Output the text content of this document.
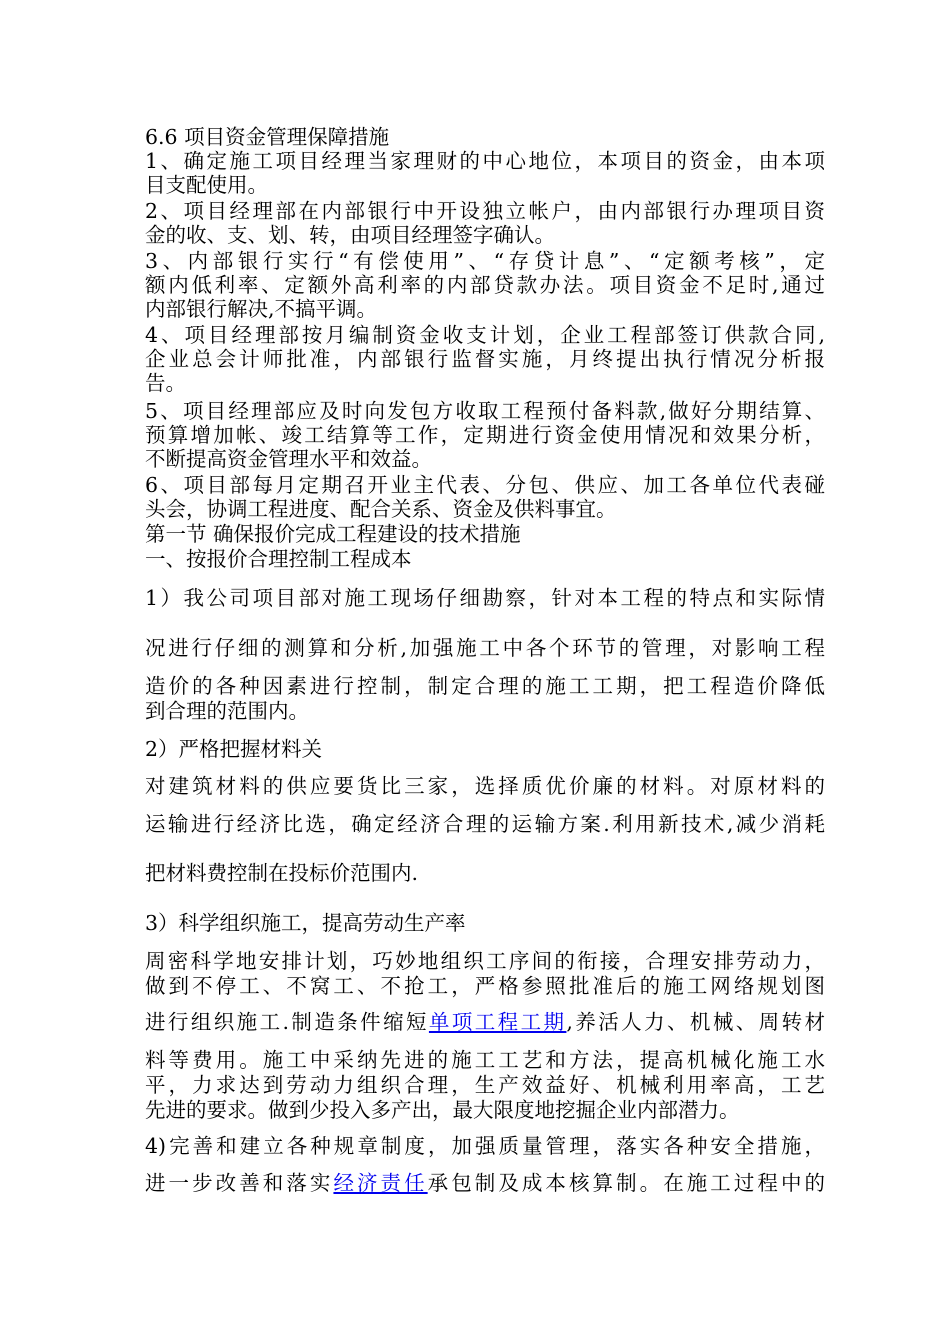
6.6 项目资金管理保障措施
1、确定施工项目经理当家理财的中心地位，本项目的资金，由本项
目支配使用。
2、项目经理部在内部银行中开设独立帐户，由内部银行办理项目资
金的收、支、划、转，由项目经理签字确认。
3、内部银行实行“有偿使用”、“存贷计息”、“定额考核”，定
额内低利率、定额外高利率的内部贷款办法。项目资金不足时,通过
内部银行解决,不搞平调。
4、项目经理部按月编制资金收支计划，企业工程部签订供款合同,
企业总会计师批准，内部银行监督实施，月终提出执行情况分析报
告。
5、项目经理部应及时向发包方收取工程预付备料款,做好分期结算、
预算增加帐、竣工结算等工作，定期进行资金使用情况和效果分析，
不断提高资金管理水平和效益。
6、项目部每月定期召开业主代表、分包、供应、加工各单位代表碰
头会，协调工程进度、配合关系、资金及供料事宜。
第一节 确保报价完成工程建设的技术措施
一、按报价合理控制工程成本
1）我公司项目部对施工现场仔细勘察，针对本工程的特点和实际情
况进行仔细的测算和分析,加强施工中各个环节的管理，对影响工程
造价的各种因素进行控制，制定合理的施工工期，把工程造价降低
到合理的范围内。
2）严格把握材料关
对建筑材料的供应要货比三家，选择质优价廉的材料。对原材料的
运输进行经济比选，确定经济合理的运输方案.利用新技术,减少消耗
把材料费控制在投标价范围内.
3）科学组织施工，提高劳动生产率
周密科学地安排计划，巧妙地组织工序间的衔接，合理安排劳动力，
做到不停工、不窝工、不抢工，严格参照批准后的施工网络规划图
进行组织施工.制造条件缩短单项工程工期,养活人力、机械、周转材
料等费用。施工中采纳先进的施工工艺和方法，提高机械化施工水
平，力求达到劳动力组织合理，生产效益好、机械利用率高，工艺
先进的要求。做到少投入多产出，最大限度地挖掘企业内部潜力。
4)完善和建立各种规章制度，加强质量管理，落实各种安全措施，
进一步改善和落实经济责任承包制及成本核算制。在施工过程中的
